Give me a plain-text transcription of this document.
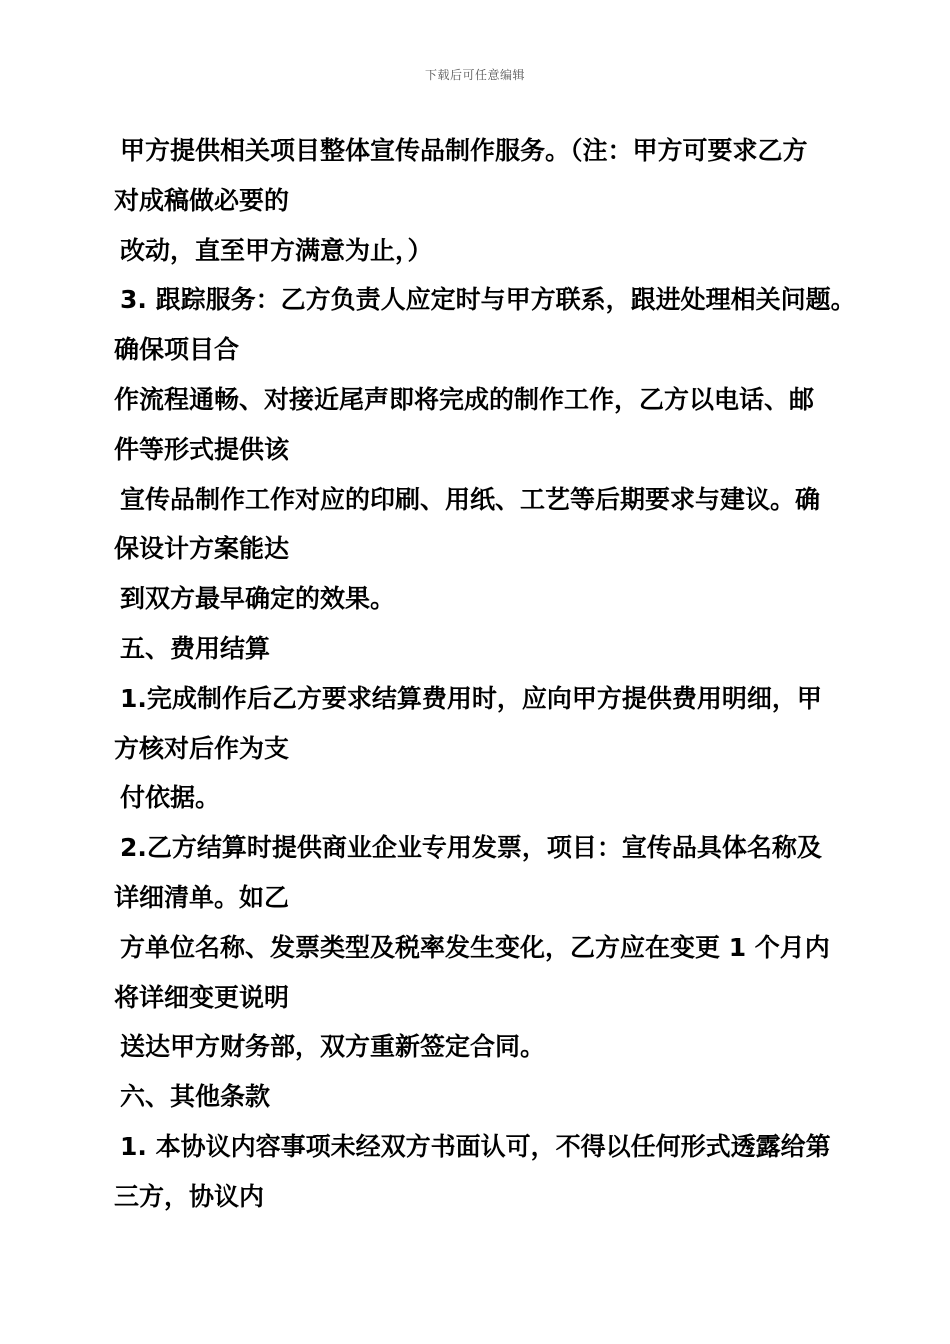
下载后可任意编辑
甲方提供相关项目整体宣传品制作服务。（注：甲方可要求乙方
对成稿做必要的
改动，直至甲方满意为止，）
3. 跟踪服务：乙方负责人应定时与甲方联系，跟进处理相关问题。
确保项目合
作流程通畅、对接近尾声即将完成的制作工作，乙方以电话、邮
件等形式提供该
宣传品制作工作对应的印刷、用纸、工艺等后期要求与建议。确
保设计方案能达
到双方最早确定的效果。
五、费用结算
1.完成制作后乙方要求结算费用时，应向甲方提供费用明细，甲
方核对后作为支
付依据。
2.乙方结算时提供商业企业专用发票，项目：宣传品具体名称及
详细清单。如乙
方单位名称、发票类型及税率发生变化，乙方应在变更 1 个月内
将详细变更说明
送达甲方财务部，双方重新签定合同。
六、其他条款
1. 本协议内容事项未经双方书面认可，不得以任何形式透露给第
三方，协议内
